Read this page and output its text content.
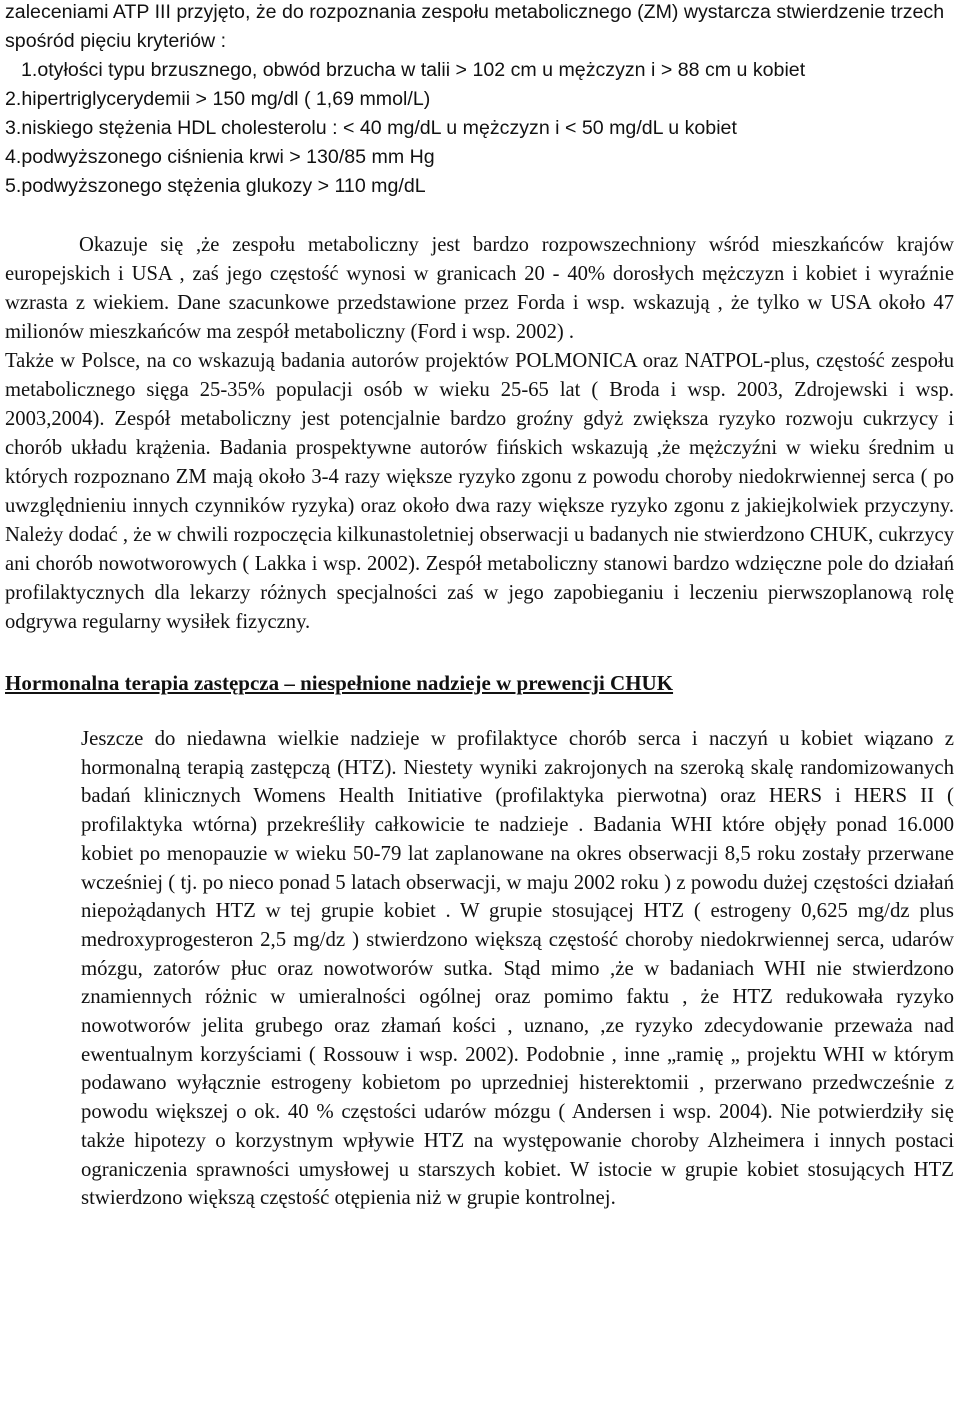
zaleceniami ATP III przyjęto, że do rozpoznania zespołu metabolicznego (ZM) wystarcza stwierdzenie trzech spośród pięciu kryteriów :

1.otyłości typu brzusznego, obwód brzucha w talii > 102 cm u mężczyzn i > 88 cm u kobiet
2.hipertriglycerydemii > 150 mg/dl ( 1,69 mmol/L)
3.niskiego stężenia HDL cholesterolu : < 40 mg/dL u mężczyzn i < 50 mg/dL u kobiet
4.podwyższonego ciśnienia krwi > 130/85 mm Hg
5.podwyższonego stężenia glukozy > 110 mg/dL

Okazuje się ,że zespołu metaboliczny jest bardzo rozpowszechniony wśród mieszkańców krajów europejskich i USA , zaś jego częstość wynosi w granicach 20 - 40% dorosłych mężczyzn i kobiet i wyraźnie wzrasta z wiekiem. Dane szacunkowe przedstawione przez Forda i wsp. wskazują , że tylko w USA około 47 milionów mieszkańców ma zespół metaboliczny (Ford i wsp. 2002) .

Także w Polsce, na co wskazują badania autorów projektów POLMONICA oraz NATPOL-plus, częstość zespołu metabolicznego sięga 25-35% populacji osób w wieku 25-65 lat ( Broda i wsp. 2003, Zdrojewski i wsp. 2003,2004). Zespół metaboliczny jest potencjalnie bardzo groźny gdyż zwiększa ryzyko rozwoju cukrzycy i chorób układu krążenia. Badania prospektywne autorów fińskich wskazują ,że mężczyźni w wieku średnim u których rozpoznano ZM mają około 3-4 razy większe ryzyko zgonu z powodu choroby niedokrwiennej serca ( po uwzględnieniu innych czynników ryzyka) oraz około dwa razy większe ryzyko zgonu z jakiejkolwiek przyczyny. Należy dodać , że w chwili rozpoczęcia kilkunastoletniej obserwacji u badanych nie stwierdzono CHUK, cukrzycy ani chorób nowotworowych ( Lakka i wsp. 2002). Zespół metaboliczny stanowi bardzo wdzięczne pole do działań profilaktycznych dla lekarzy różnych specjalności zaś w jego zapobieganiu i leczeniu pierwszoplanową rolę odgrywa regularny wysiłek fizyczny.

Hormonalna terapia zastępcza – niespełnione nadzieje w prewencji CHUK

Jeszcze do niedawna wielkie nadzieje w profilaktyce chorób serca i naczyń u kobiet wiązano z hormonalną terapią zastępczą (HTZ). Niestety wyniki zakrojonych na szeroką skalę randomizowanych badań klinicznych Womens Health Initiative (profilaktyka pierwotna) oraz HERS i HERS II ( profilaktyka wtórna) przekreśliły całkowicie te nadzieje . Badania WHI które objęły ponad 16.000 kobiet po menopauzie w wieku 50-79 lat zaplanowane na okres obserwacji 8,5 roku zostały przerwane wcześniej ( tj. po nieco ponad 5 latach obserwacji, w maju 2002 roku ) z powodu dużej częstości działań niepożądanych HTZ w tej grupie kobiet . W grupie stosującej HTZ ( estrogeny 0,625 mg/dz plus medroxyprogesteron 2,5 mg/dz ) stwierdzono większą częstość choroby niedokrwiennej serca, udarów mózgu, zatorów płuc oraz nowotworów sutka. Stąd mimo ,że w badaniach WHI nie stwierdzono znamiennych różnic w umieralności ogólnej oraz pomimo faktu , że HTZ redukowała ryzyko nowotworów jelita grubego oraz złamań kości , uznano, ,ze ryzyko zdecydowanie przeważa nad ewentualnym korzyściami ( Rossouw i wsp. 2002). Podobnie , inne „ramię „ projektu WHI w którym podawano wyłącznie estrogeny kobietom po uprzedniej histerektomii , przerwano przedwcześnie z powodu większej o ok. 40 % częstości udarów mózgu ( Andersen i wsp. 2004). Nie potwierdziły się także hipotezy o korzystnym wpływie HTZ na występowanie choroby Alzheimera i innych postaci ograniczenia sprawności umysłowej u starszych kobiet. W istocie w grupie kobiet stosujących HTZ stwierdzono większą częstość otępienia niż w grupie kontrolnej.
